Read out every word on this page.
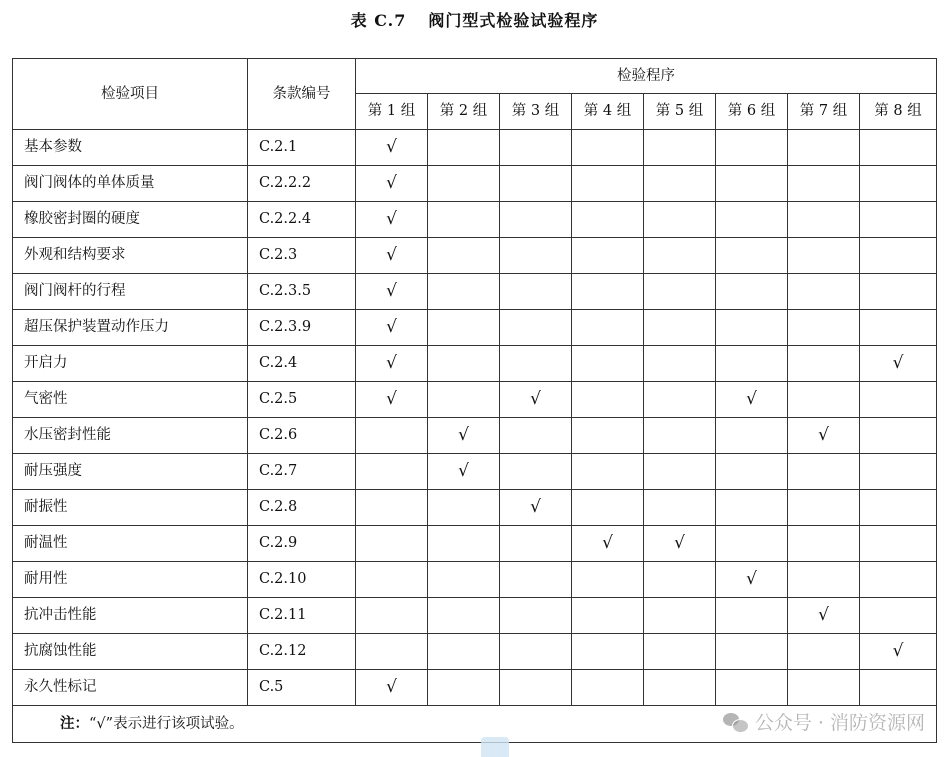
表 C.7 阀门型式检验试验程序
检验项目	条款编号	检验程序							
		第 1 组	第 2 组	第 3 组	第 4 组	第 5 组	第 6 组	第 7 组	第 8 组
基本参数	C.2.1	√							
阀门阀体的单体质量	C.2.2.2	√							
橡胶密封圈的硬度	C.2.2.4	√							
外观和结构要求	C.2.3	√							
阀门阀杆的行程	C.2.3.5	√							
超压保护装置动作压力	C.2.3.9	√							
开启力	C.2.4	√							√
气密性	C.2.5	√		√			√		
水压密封性能	C.2.6		√					√	
耐压强度	C.2.7		√						
耐振性	C.2.8			√					
耐温性	C.2.9				√	√			
耐用性	C.2.10						√		
抗冲击性能	C.2.11							√	
抗腐蚀性能	C.2.12								√
永久性标记	C.5	√							
注：“√”表示进行该项试验。										公众号 · 消防资源网
